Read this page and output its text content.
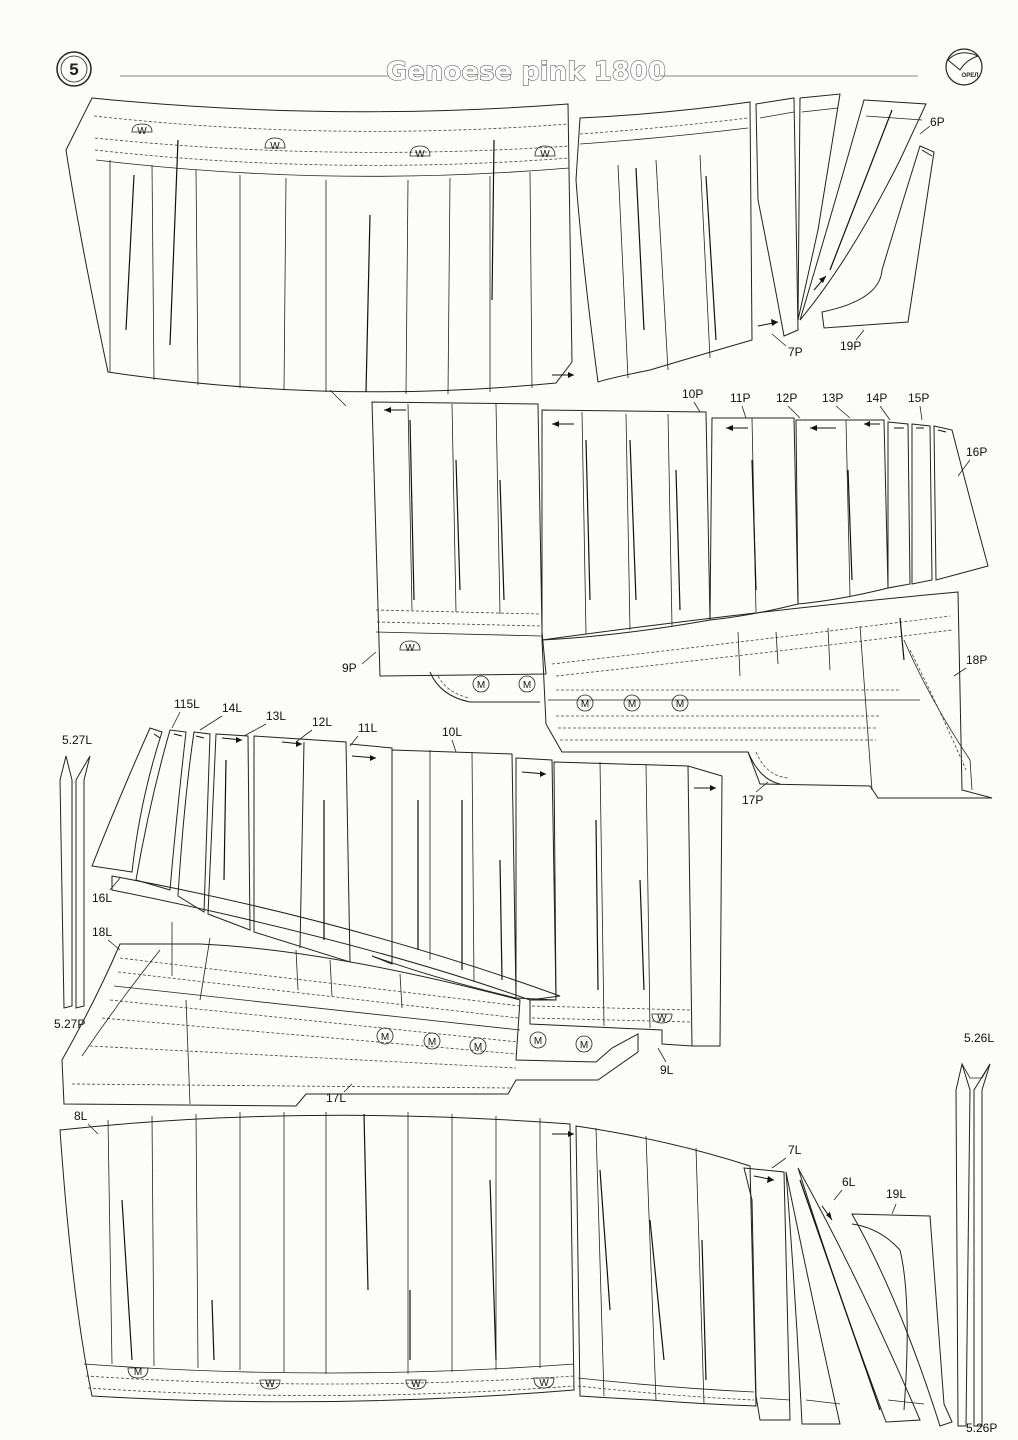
5	Genoese pink 1800	ОРЕЛ
W
W
W	W
6P
7P	19P
W
M	M
9P
10P 11P 12P 13P 14P 15P
16P
M	M	M
18P
17P
5.27L
5.27P
115L 14L
13L 12L 11L	10L
16L
W
9L
M	M	M
M	M
18L
17L
M
W	W	W
8L
7L
6L
19L
5.26L
5.26P
